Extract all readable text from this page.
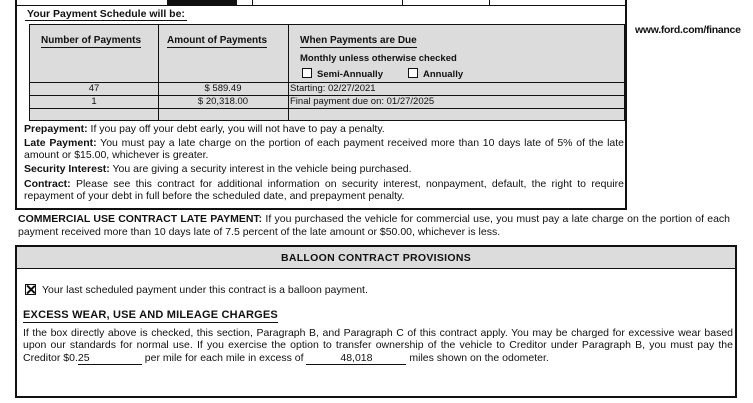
www.ford.com/finance
Your Payment Schedule will be:
Number of Payments	Amount of Payments	When Payments are Due
Monthly unless otherwise checked
Semi-Annually	Annually
47	$ 589.49	Starting: 02/27/2021
1	$ 20,318.00	Final payment due on: 01/27/2025
Prepayment: If you pay off your debt early, you will not have to pay a penalty.
Late Payment: You must pay a late charge on the portion of each payment received more than 10 days late of 5% of the late amount or $15.00, whichever is greater.
Security Interest: You are giving a security interest in the vehicle being purchased.
Contract: Please see this contract for additional information on security interest, nonpayment, default, the right to require repayment of your debt in full before the scheduled date, and prepayment penalty.
COMMERCIAL USE CONTRACT LATE PAYMENT: If you purchased the vehicle for commercial use, you must pay a late charge on the portion of each payment received more than 10 days late of 7.5 percent of the late amount or $50.00, whichever is less.
BALLOON CONTRACT PROVISIONS
Your last scheduled payment under this contract is a balloon payment.
EXCESS WEAR, USE AND MILEAGE CHARGES
If the box directly above is checked, this section, Paragraph B, and Paragraph C of this contract apply. You may be charged for excessive wear based upon our standards for normal use. If you exercise the option to transfer ownership of the vehicle to Creditor under Paragraph B, you must pay the Creditor $0.25	per mile for each mile in excess of	48,018	miles shown on the odometer.
